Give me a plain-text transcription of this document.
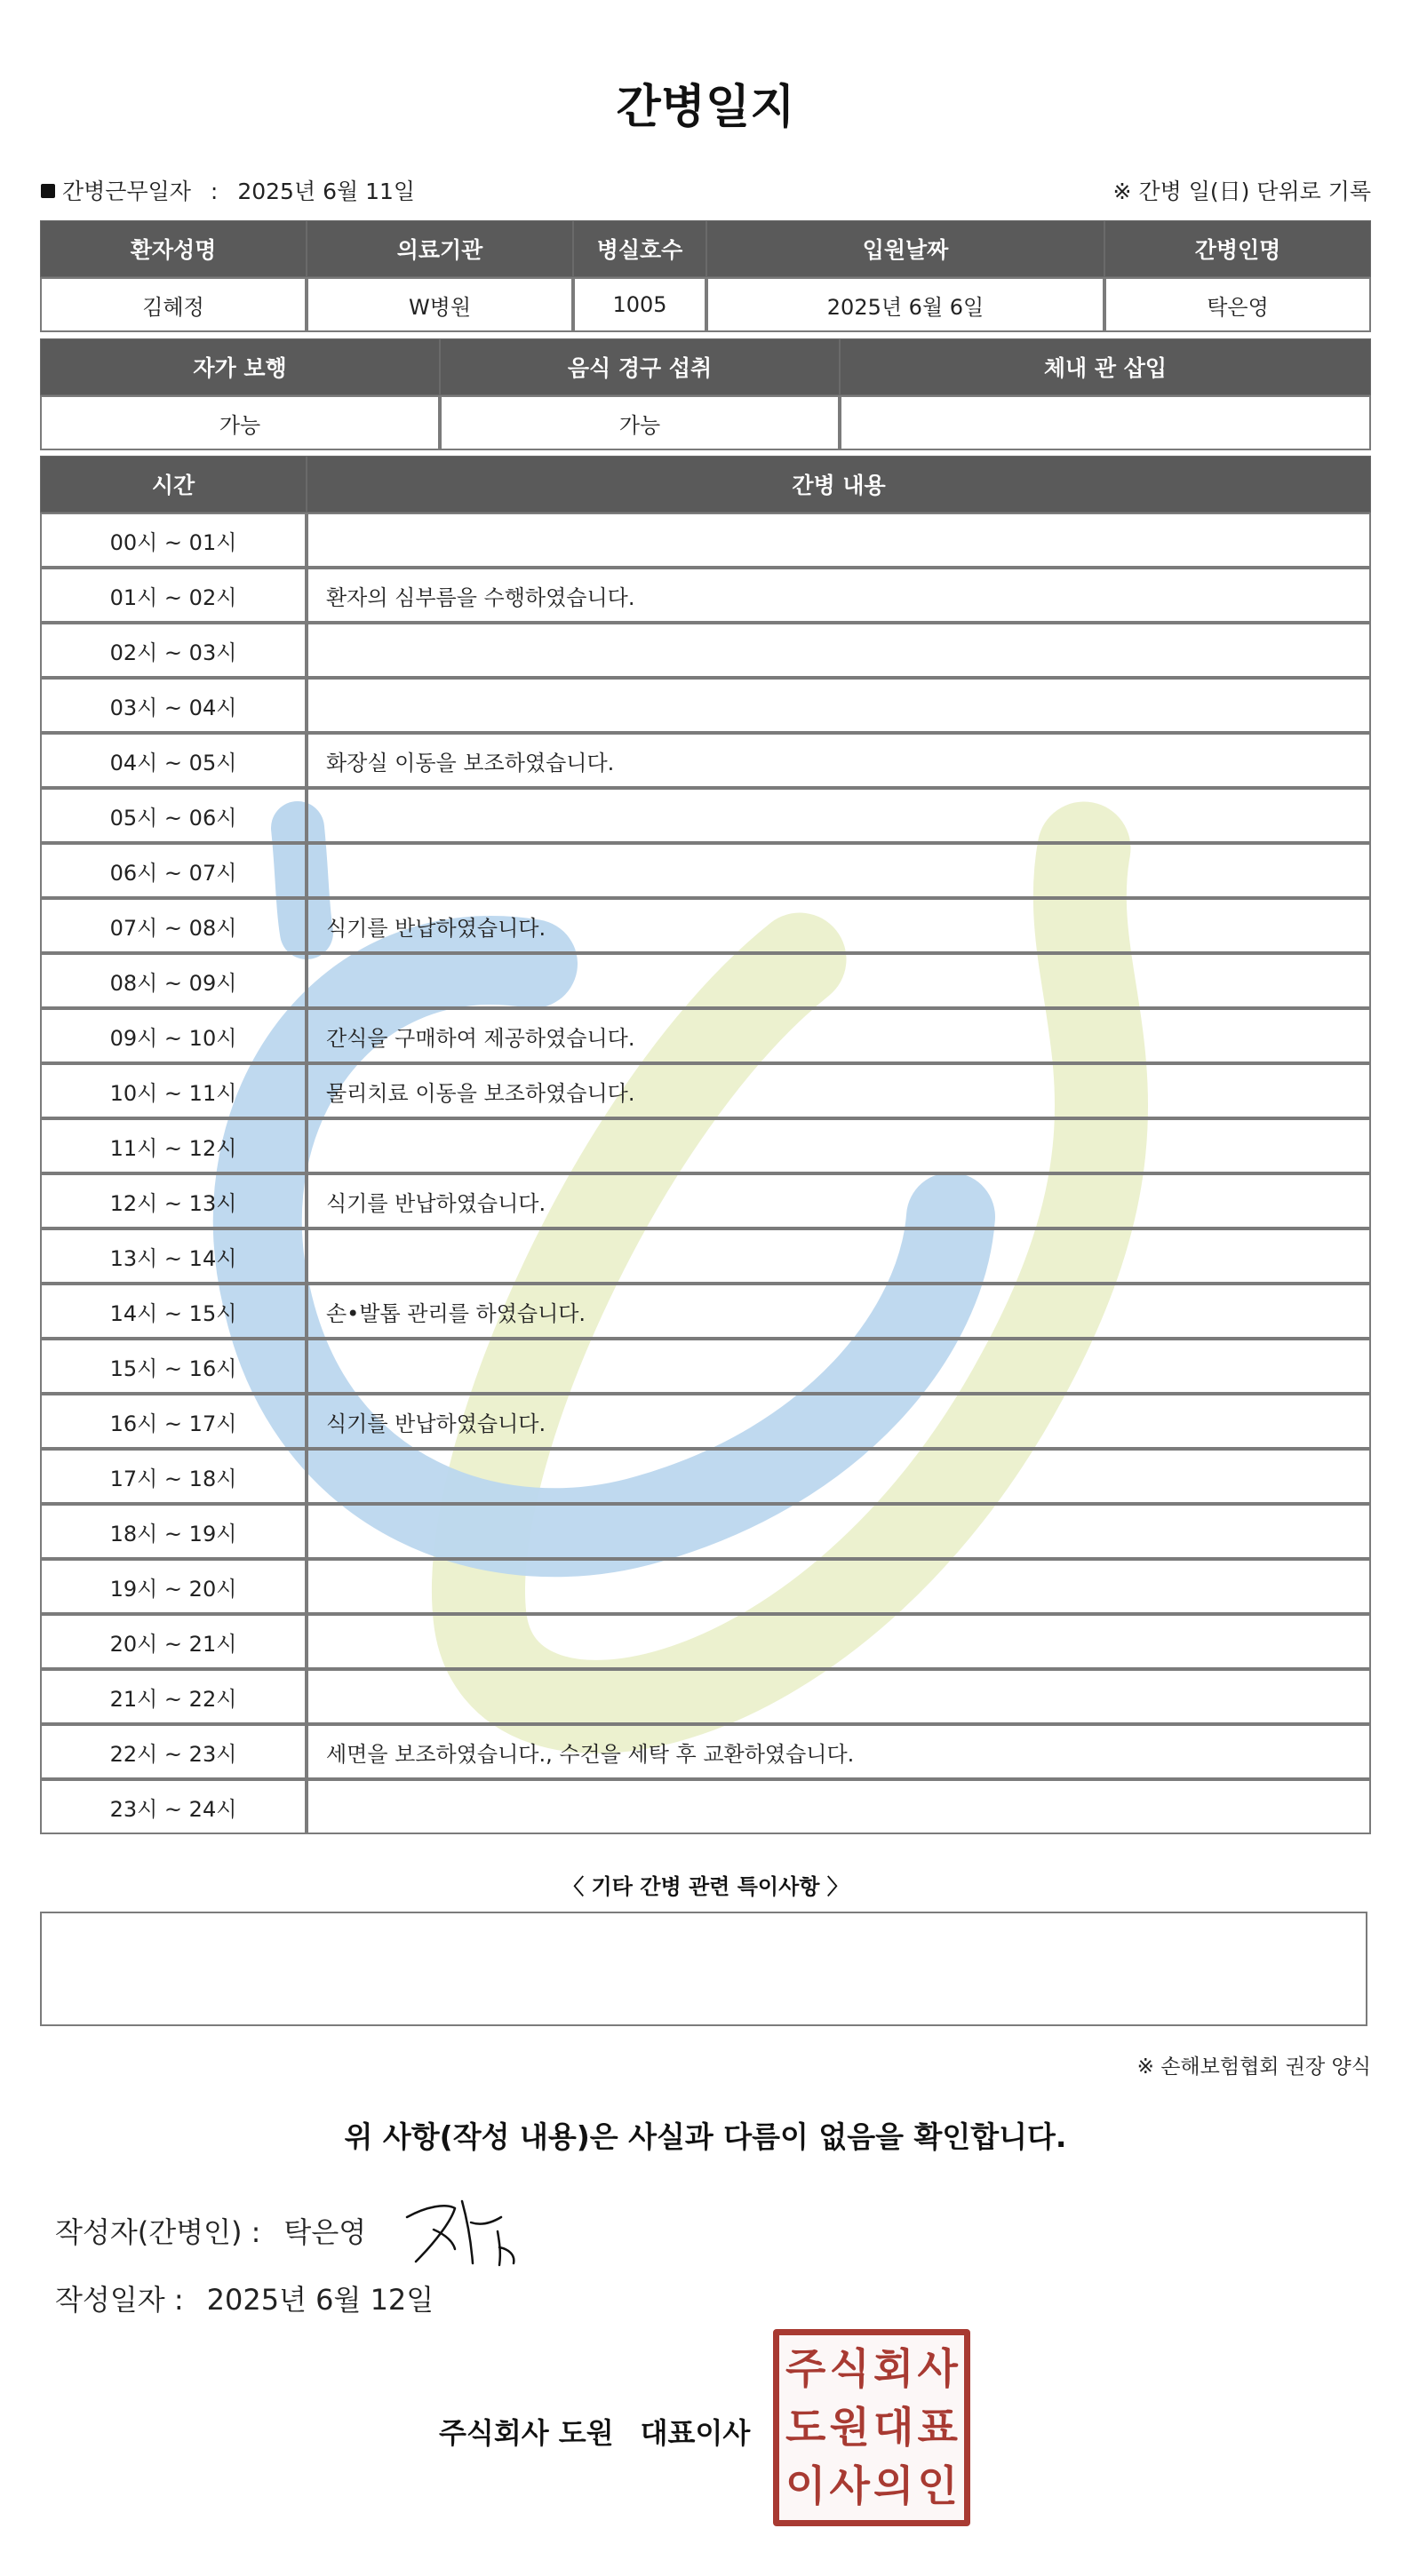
간병일지
간병근무일자 : 2025년 6월 11일	※ 간병 일(日) 단위로 기록
환자성명	의료기관	병실호수	입원날짜	간병인명
김혜정	W병원	1005	2025년 6월 6일	탁은영
자가 보행	음식 경구 섭취	체내 관 삽입
가능	가능	
시간	간병 내용
00시 ~ 01시	
01시 ~ 02시	환자의 심부름을 수행하였습니다.
02시 ~ 03시	
03시 ~ 04시	
04시 ~ 05시	화장실 이동을 보조하였습니다.
05시 ~ 06시	
06시 ~ 07시	
07시 ~ 08시	식기를 반납하였습니다.
08시 ~ 09시	
09시 ~ 10시	간식을 구매하여 제공하였습니다.
10시 ~ 11시	물리치료 이동을 보조하였습니다.
11시 ~ 12시	
12시 ~ 13시	식기를 반납하였습니다.
13시 ~ 14시	
14시 ~ 15시	손•발톱 관리를 하였습니다.
15시 ~ 16시	
16시 ~ 17시	식기를 반납하였습니다.
17시 ~ 18시	
18시 ~ 19시	
19시 ~ 20시	
20시 ~ 21시	
21시 ~ 22시	
22시 ~ 23시	세면을 보조하였습니다., 수건을 세탁 후 교환하였습니다.
23시 ~ 24시	
〈 기타 간병 관련 특이사항 〉
※ 손해보험협회 권장 양식
위 사항(작성 내용)은 사실과 다름이 없음을 확인합니다.
작성자(간병인) : 탁은영
작성일자 : 2025년 6월 12일
주식회사 도원 대표이사
주 식 회 사
도 원 대 표
이 사 의 인
